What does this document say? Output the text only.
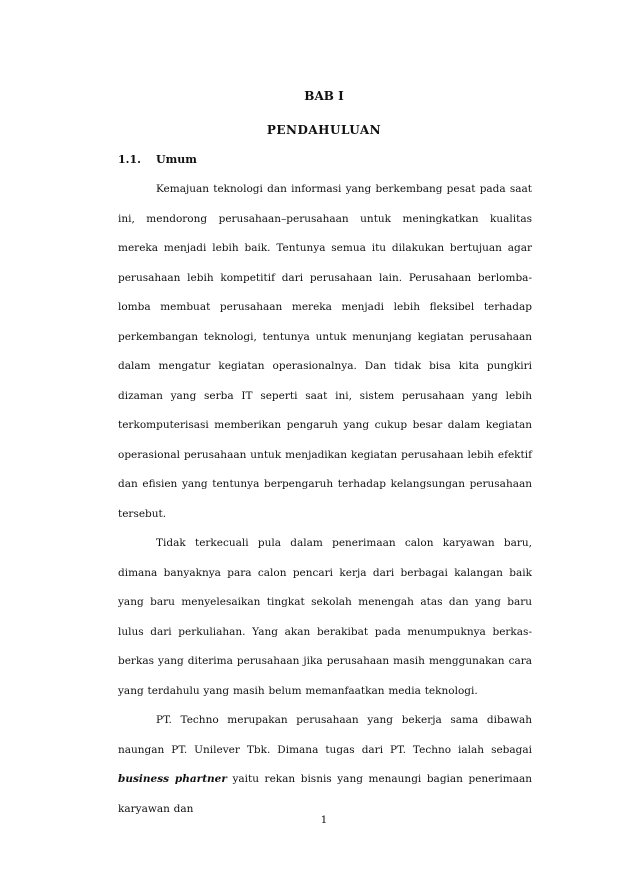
BAB I
PENDAHULUAN
1.1. Umum

Kemajuan teknologi dan informasi yang berkembang pesat pada saat ini, mendorong perusahaan–perusahaan untuk meningkatkan kualitas mereka menjadi lebih baik. Tentunya semua itu dilakukan bertujuan agar perusahaan lebih kompetitif dari perusahaan lain. Perusahaan berlomba-lomba membuat perusahaan mereka menjadi lebih fleksibel terhadap perkembangan teknologi, tentunya untuk menunjang kegiatan perusahaan dalam mengatur kegiatan operasionalnya. Dan tidak bisa kita pungkiri dizaman yang serba IT seperti saat ini, sistem perusahaan yang lebih terkomputerisasi memberikan pengaruh yang cukup besar dalam kegiatan operasional perusahaan untuk menjadikan kegiatan perusahaan lebih efektif dan efisien yang tentunya berpengaruh terhadap kelangsungan perusahaan tersebut.

Tidak terkecuali pula dalam penerimaan calon karyawan baru, dimana banyaknya para calon pencari kerja dari berbagai kalangan baik yang baru menyelesaikan tingkat sekolah menengah atas dan yang baru lulus dari perkuliahan. Yang akan berakibat pada menumpuknya berkas-berkas yang diterima perusahaan jika perusahaan masih menggunakan cara yang terdahulu yang masih belum memanfaatkan media teknologi.

PT. Techno merupakan perusahaan yang bekerja sama dibawah naungan PT. Unilever Tbk. Dimana tugas dari PT. Techno ialah sebagai business phartner yaitu rekan bisnis yang menaungi bagian penerimaan karyawan dan

1
